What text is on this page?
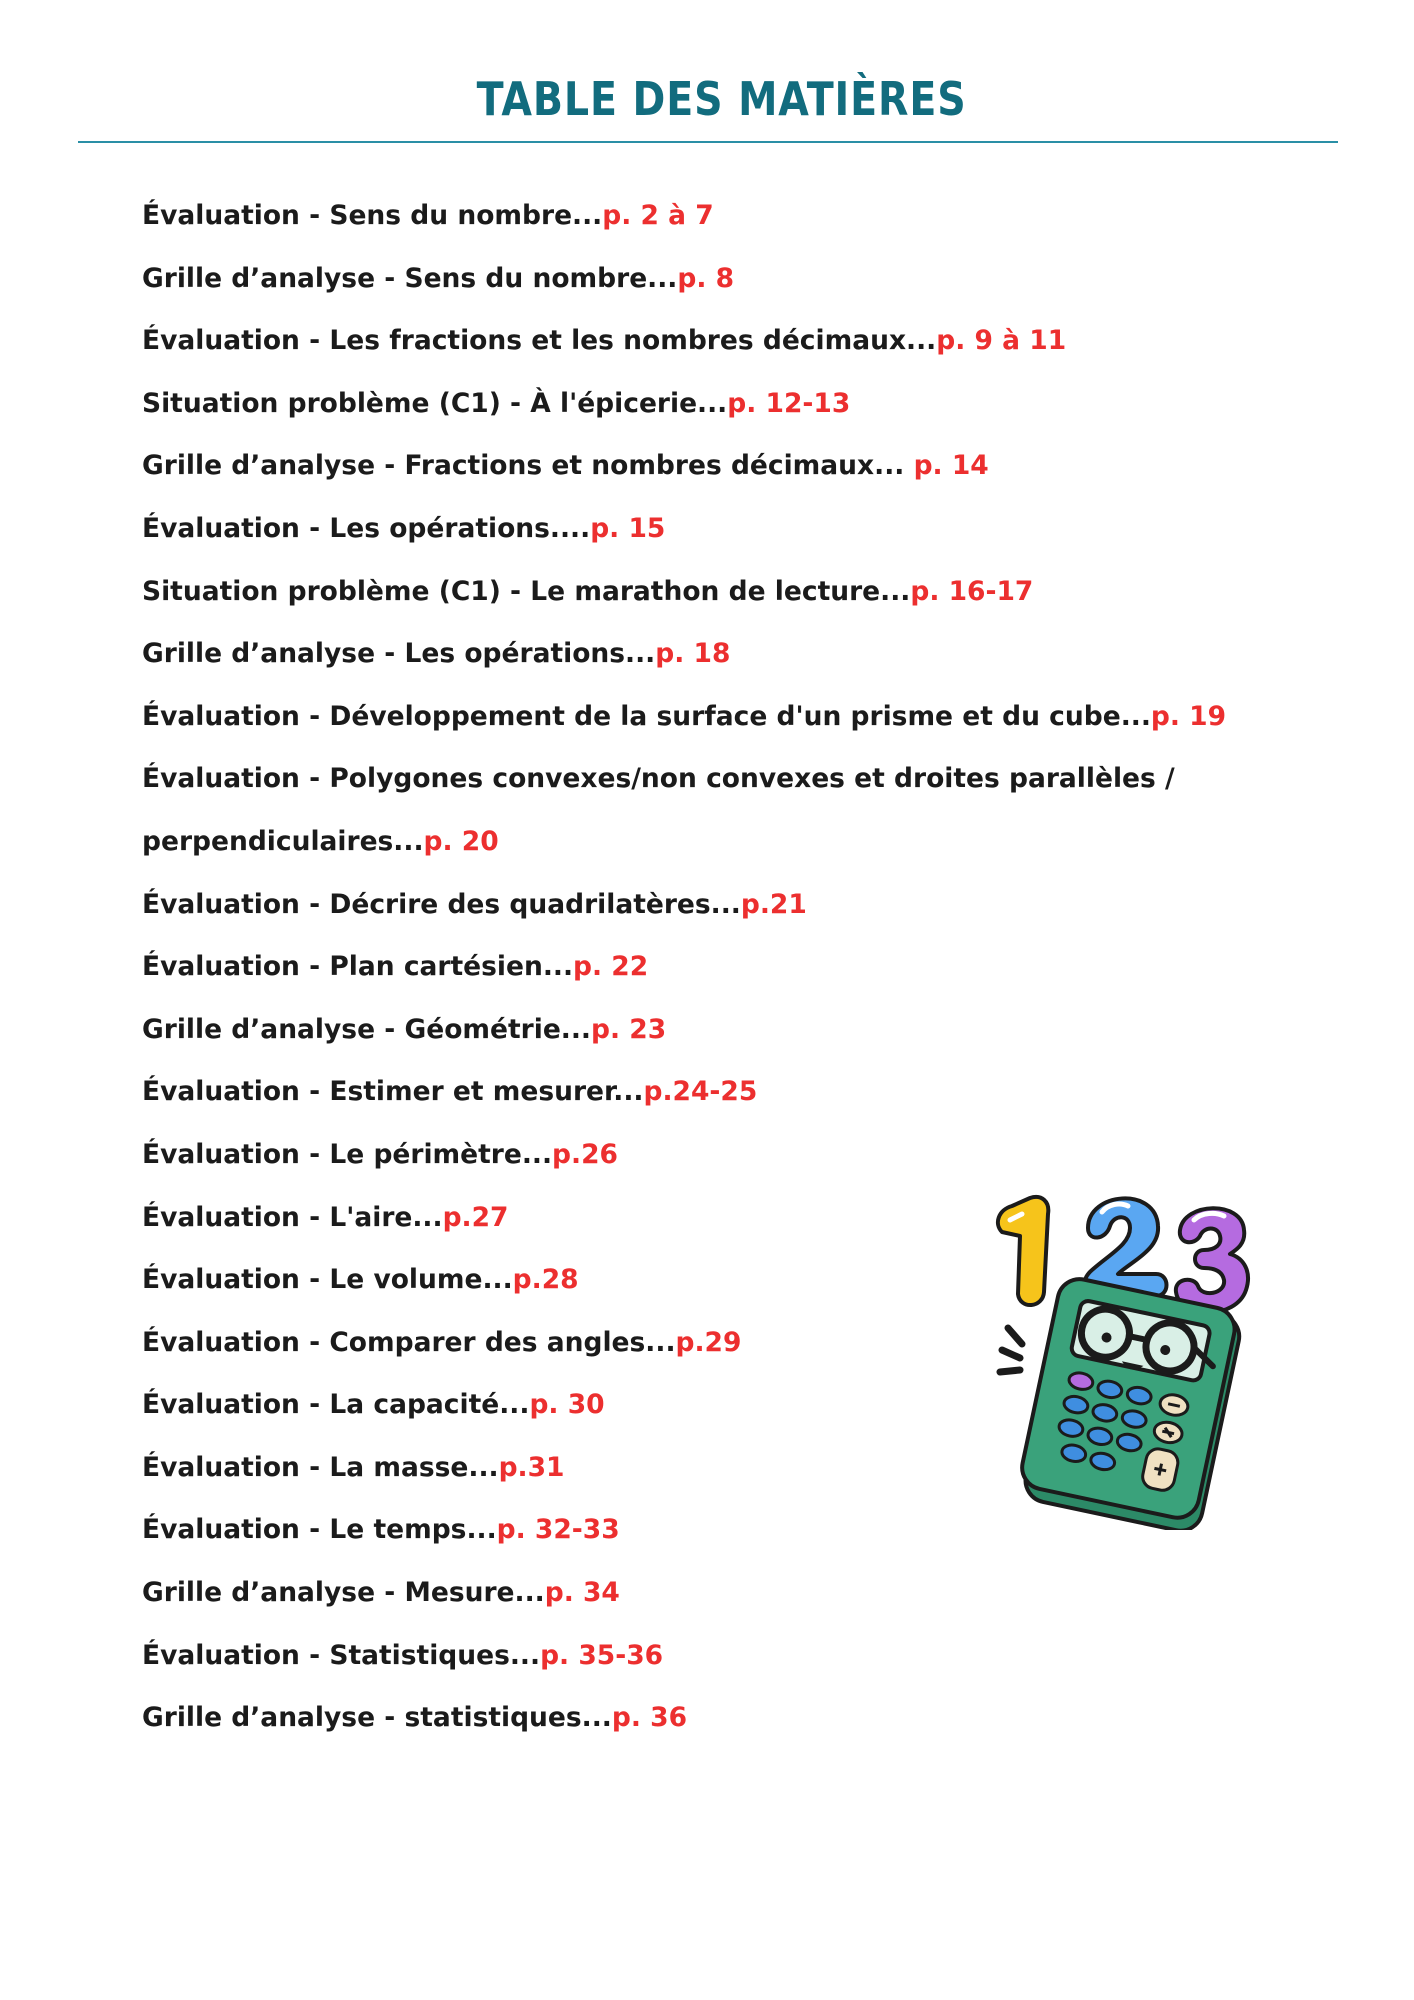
TABLE DES MATIÈRES
Évaluation - Sens du nombre...p. 2 à 7
Grille d’analyse - Sens du nombre...p. 8
Évaluation - Les fractions et les nombres décimaux...p. 9 à 11
Situation problème (C1) - À l'épicerie...p. 12-13
Grille d’analyse - Fractions et nombres décimaux... p. 14
Évaluation - Les opérations....p. 15
Situation problème (C1) - Le marathon de lecture...p. 16-17
Grille d’analyse - Les opérations...p. 18
Évaluation - Développement de la surface d'un prisme et du cube...p. 19
Évaluation - Polygones convexes/non convexes et droites parallèles /
perpendiculaires...p. 20
Évaluation - Décrire des quadrilatères...p.21
Évaluation - Plan cartésien...p. 22
Grille d’analyse - Géométrie...p. 23
Évaluation - Estimer et mesurer...p.24-25
Évaluation - Le périmètre...p.26
Évaluation - L'aire...p.27
Évaluation - Le volume...p.28
Évaluation - Comparer des angles...p.29
Évaluation - La capacité...p. 30
Évaluation - La masse...p.31
Évaluation - Le temps...p. 32-33
Grille d’analyse - Mesure...p. 34
Évaluation - Statistiques...p. 35-36
Grille d’analyse - statistiques...p. 36
